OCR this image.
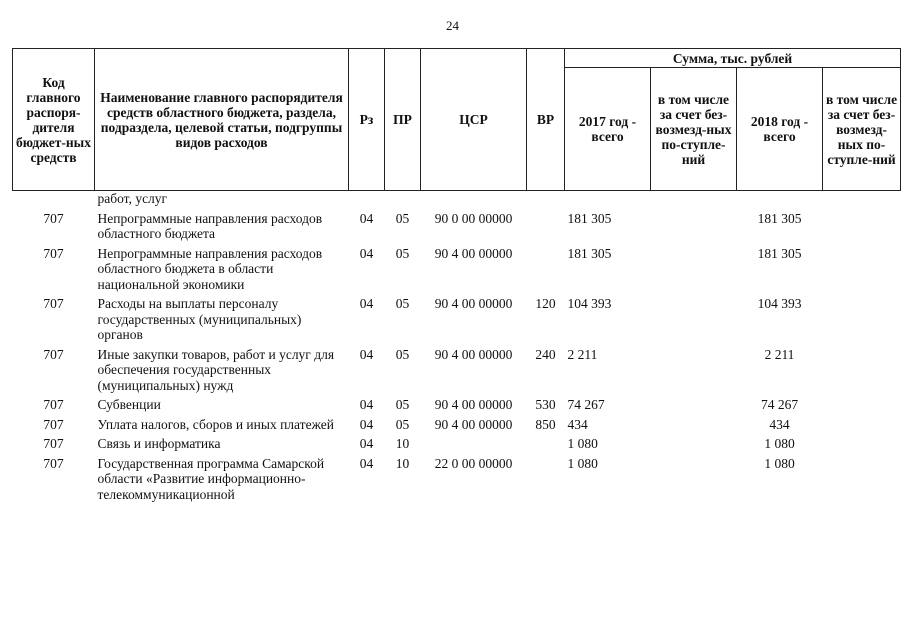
24
Код главного распоря-дителя бюджет-ных средств	Наименование главного распорядителя средств областного бюджета, раздела, подраздела, целевой статьи, подгруппы видов расходов	Рз	ПР	ЦСР	ВР	Сумма, тыс. рублей			
						2017 год - всего	в том числе за счет без-возмезд-ных по-ступле-ний	2018 год - всего	в том числе за счет без-возмезд-ных по-ступле-ний
	работ, услуг								
707	Непрограммные направления расходов областного бюджета	04	05	90 0 00 00000		181 305		181 305	
707	Непрограммные направления расходов областного бюджета в области национальной экономики	04	05	90 4 00 00000		181 305		181 305	
707	Расходы на выплаты персоналу государственных (муниципальных) органов	04	05	90 4 00 00000	120	104 393		104 393	
707	Иные закупки товаров, работ и услуг для обеспечения государственных (муниципальных) нужд	04	05	90 4 00 00000	240	2 211		2 211	
707	Субвенции	04	05	90 4 00 00000	530	74 267		74 267	
707	Уплата налогов, сборов и иных платежей	04	05	90 4 00 00000	850	434		434	
707	Связь и информатика	04	10			1 080		1 080	
707	Государственная программа Самарской области «Развитие информационно-телекоммуникационной	04	10	22 0 00 00000		1 080		1 080	
